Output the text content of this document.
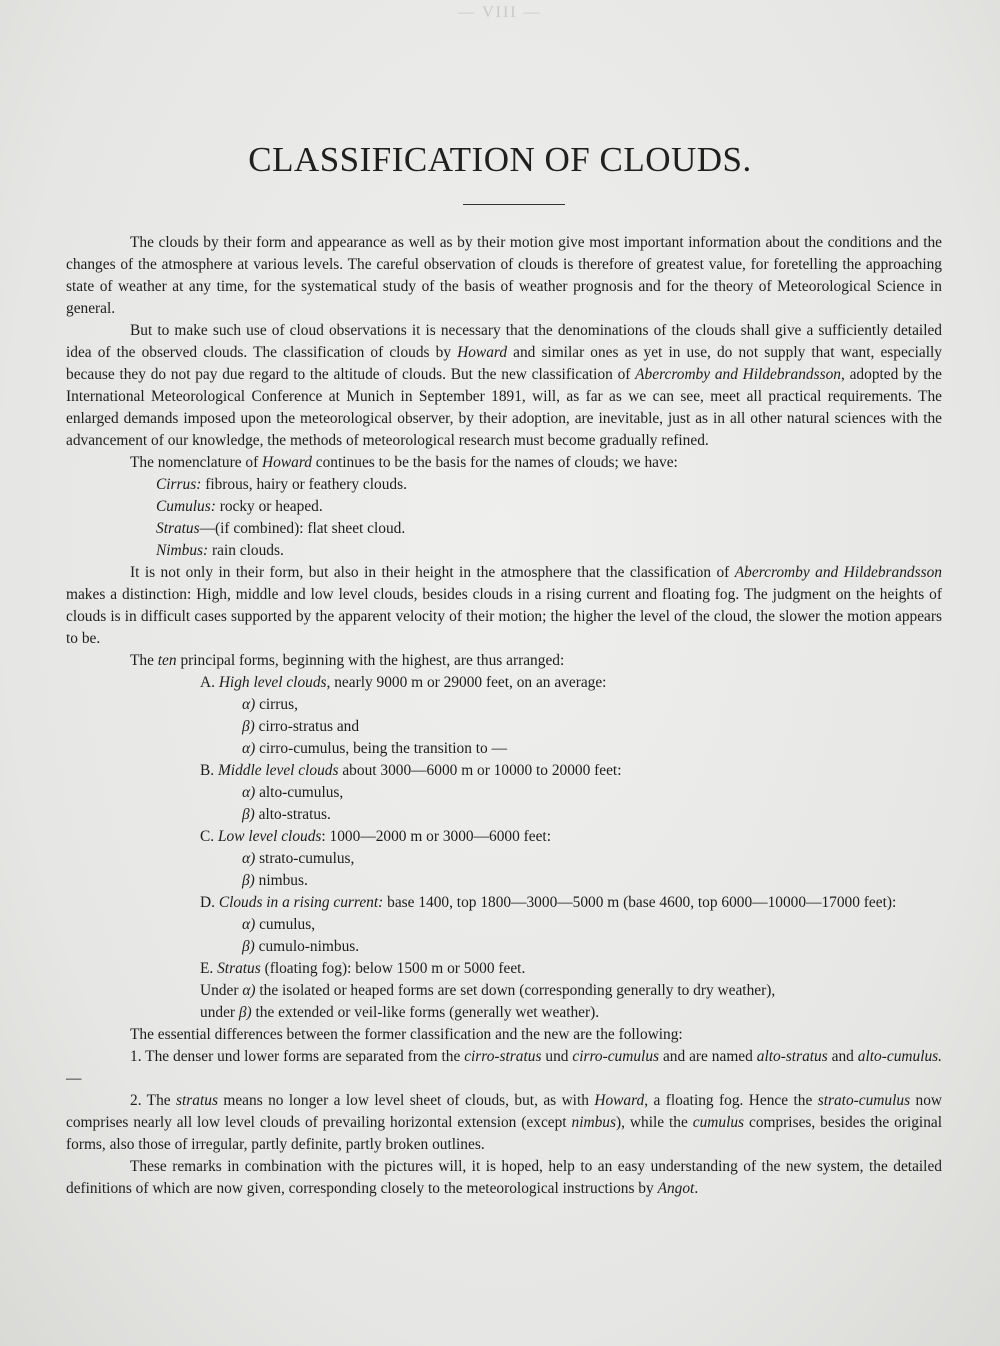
— VIII —
CLASSIFICATION OF CLOUDS.

The clouds by their form and appearance as well as by their motion give most important information about the conditions and the changes of the atmosphere at various levels. The careful observation of clouds is therefore of greatest value, for foretelling the approaching state of weather at any time, for the systematical study of the basis of weather prognosis and for the theory of Meteorological Science in general.

But to make such use of cloud observations it is necessary that the denominations of the clouds shall give a sufficiently detailed idea of the observed clouds. The classification of clouds by Howard and similar ones as yet in use, do not supply that want, especially because they do not pay due regard to the altitude of clouds. But the new classification of Abercromby and Hildebrandsson, adopted by the International Meteorological Conference at Munich in September 1891, will, as far as we can see, meet all practical requirements. The enlarged demands imposed upon the meteorological observer, by their adoption, are inevitable, just as in all other natural sciences with the advancement of our knowledge, the methods of meteorological research must become gradually refined.

The nomenclature of Howard continues to be the basis for the names of clouds; we have:

Cirrus: fibrous, hairy or feathery clouds.

Cumulus: rocky or heaped.

Stratus—(if combined): flat sheet cloud.

Nimbus: rain clouds.

It is not only in their form, but also in their height in the atmosphere that the classification of Abercromby and Hildebrandsson makes a distinction: High, middle and low level clouds, besides clouds in a rising current and floating fog. The judgment on the heights of clouds is in difficult cases supported by the apparent velocity of their motion; the higher the level of the cloud, the slower the motion appears to be.

The ten principal forms, beginning with the highest, are thus arranged:

A. High level clouds, nearly 9000 m or 29000 feet, on an average:

α) cirrus,

β) cirro-stratus and

α) cirro-cumulus, being the transition to —

B. Middle level clouds about 3000—6000 m or 10000 to 20000 feet:

α) alto-cumulus,

β) alto-stratus.

C. Low level clouds: 1000—2000 m or 3000—6000 feet:

α) strato-cumulus,

β) nimbus.

D. Clouds in a rising current: base 1400, top 1800—3000—5000 m (base 4600, top 6000—10000—17000 feet):

α) cumulus,

β) cumulo-nimbus.

E. Stratus (floating fog): below 1500 m or 5000 feet.

Under α) the isolated or heaped forms are set down (corresponding generally to dry weather),

under β) the extended or veil-like forms (generally wet weather).

The essential differences between the former classification and the new are the following:

1. The denser und lower forms are separated from the cirro-stratus und cirro-cumulus and are named alto-stratus and alto-cumulus.—

2. The stratus means no longer a low level sheet of clouds, but, as with Howard, a floating fog. Hence the strato-cumulus now comprises nearly all low level clouds of prevailing horizontal extension (except nimbus), while the cumulus comprises, besides the original forms, also those of irregular, partly definite, partly broken outlines.

These remarks in combination with the pictures will, it is hoped, help to an easy understanding of the new system, the detailed definitions of which are now given, corresponding closely to the meteorological instructions by Angot.
